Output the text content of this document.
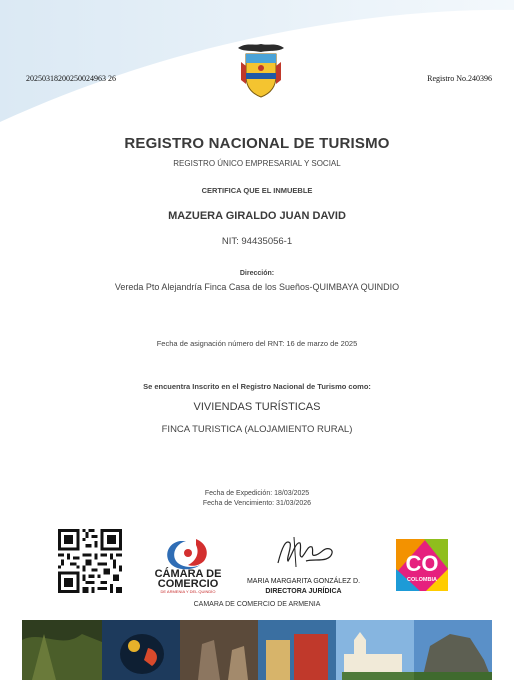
20250318200250024963 26	Registro No.240396
REGISTRO NACIONAL DE TURISMO
REGISTRO ÚNICO EMPRESARIAL Y SOCIAL
CERTIFICA QUE EL INMUEBLE
MAZUERA GIRALDO JUAN DAVID
NIT: 94435056-1
Dirección:
Vereda Pto Alejandría Finca Casa de los Sueños-QUIMBAYA QUINDIO
Fecha de asignación número del RNT: 16 de marzo de 2025
Se encuentra Inscrito en el Registro Nacional de Turismo como:
VIVIENDAS TURÍSTICAS
FINCA TURISTICA (ALOJAMIENTO RURAL)
Fecha de Expedición: 18/03/2025
Fecha de Vencimiento: 31/03/2026
CÁMARA DE COMERCIO
DE ARMENIA Y DEL QUINDÍO
MARIA MARGARITA GONZÁLEZ D.
DIRECTORA JURÍDICA
CO
COLOMBIA
CAMARA DE COMERCIO DE ARMENIA
